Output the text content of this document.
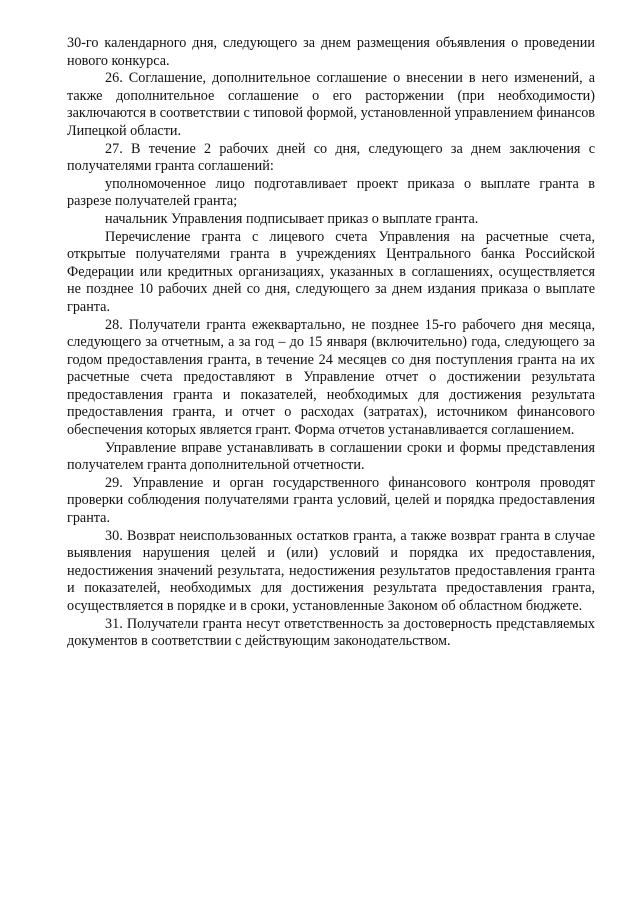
30-го календарного дня, следующего за днем размещения объявления о проведении нового конкурса.

26. Соглашение, дополнительное соглашение о внесении в него изменений, а также дополнительное соглашение о его расторжении (при необходимости) заключаются в соответствии с типовой формой, установленной управлением финансов Липецкой области.

27. В течение 2 рабочих дней со дня, следующего за днем заключения с получателями гранта соглашений:

уполномоченное лицо подготавливает проект приказа о выплате гранта в разрезе получателей гранта;

начальник Управления подписывает приказ о выплате гранта.

Перечисление гранта с лицевого счета Управления на расчетные счета, открытые получателями гранта в учреждениях Центрального банка Российской Федерации или кредитных организациях, указанных в соглашениях, осуществляется не позднее 10 рабочих дней со дня, следующего за днем издания приказа о выплате гранта.

28. Получатели гранта ежеквартально, не позднее 15-го рабочего дня месяца, следующего за отчетным, а за год – до 15 января (включительно) года, следующего за годом предоставления гранта, в течение 24 месяцев со дня поступления гранта на их расчетные счета предоставляют в Управление отчет о достижении результата предоставления гранта и показателей, необходимых для достижения результата предоставления гранта, и отчет о расходах (затратах), источником финансового обеспечения которых является грант. Форма отчетов устанавливается соглашением.

Управление вправе устанавливать в соглашении сроки и формы представления получателем гранта дополнительной отчетности.

29. Управление и орган государственного финансового контроля проводят проверки соблюдения получателями гранта условий, целей и порядка предоставления гранта.

30. Возврат неиспользованных остатков гранта, а также возврат гранта в случае выявления нарушения целей и (или) условий и порядка их предоставления, недостижения значений результата, недостижения результатов предоставления гранта и показателей, необходимых для достижения результата предоставления гранта, осуществляется в порядке и в сроки, установленные Законом об областном бюджете.

31. Получатели гранта несут ответственность за достоверность представляемых документов в соответствии с действующим законодательством.
